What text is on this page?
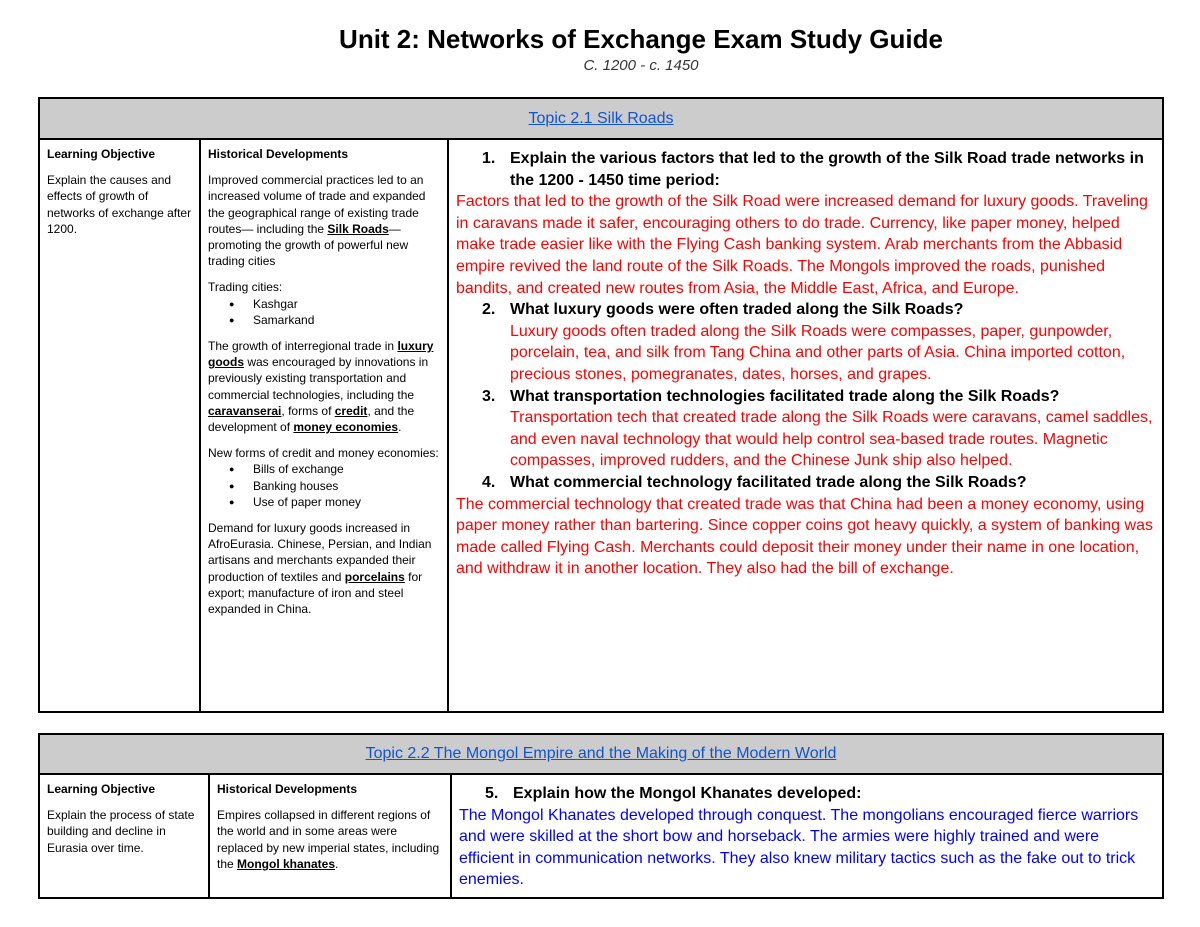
Unit 2: Networks of Exchange Exam Study Guide
C. 1200 - c. 1450
Topic 2.1 Silk Roads

Learning Objective

Explain the causes and effects of growth of networks of exchange after 1200.

Historical Developments

Improved commercial practices led to an increased volume of trade and expanded the geographical range of existing trade routes— including the Silk Roads—promoting the growth of powerful new trading cities

Trading cities:
● Kashgar
● Samarkand

The growth of interregional trade in luxury goods was encouraged by innovations in previously existing transportation and commercial technologies, including the caravanserai, forms of credit, and the development of money economies.

New forms of credit and money economies:
● Bills of exchange
● Banking houses
● Use of paper money

Demand for luxury goods increased in AfroEurasia. Chinese, Persian, and Indian artisans and merchants expanded their production of textiles and porcelains for export; manufacture of iron and steel expanded in China.

1. Explain the various factors that led to the growth of the Silk Road trade networks in the 1200 - 1450 time period:
Factors that led to the growth of the Silk Road were increased demand for luxury goods. Traveling in caravans made it safer, encouraging others to do trade. Currency, like paper money, helped make trade easier like with the Flying Cash banking system. Arab merchants from the Abbasid empire revived the land route of the Silk Roads. The Mongols improved the roads, punished bandits, and created new routes from Asia, the Middle East, Africa, and Europe.
2. What luxury goods were often traded along the Silk Roads?
Luxury goods often traded along the Silk Roads were compasses, paper, gunpowder, porcelain, tea, and silk from Tang China and other parts of Asia. China imported cotton, precious stones, pomegranates, dates, horses, and grapes.
3. What transportation technologies facilitated trade along the Silk Roads?
Transportation tech that created trade along the Silk Roads were caravans, camel saddles, and even naval technology that would help control sea-based trade routes. Magnetic compasses, improved rudders, and the Chinese Junk ship also helped.
4. What commercial technology facilitated trade along the Silk Roads?
The commercial technology that created trade was that China had been a money economy, using paper money rather than bartering. Since copper coins got heavy quickly, a system of banking was made called Flying Cash. Merchants could deposit their money under their name in one location, and withdraw it in another location. They also had the bill of exchange.
Topic 2.2 The Mongol Empire and the Making of the Modern World

Learning Objective

Explain the process of state building and decline in Eurasia over time.

Historical Developments

Empires collapsed in different regions of the world and in some areas were replaced by new imperial states, including the Mongol khanates.

5. Explain how the Mongol Khanates developed:
The Mongol Khanates developed through conquest. The mongolians encouraged fierce warriors and were skilled at the short bow and horseback. The armies were highly trained and were efficient in communication networks. They also knew military tactics such as the fake out to trick enemies.
